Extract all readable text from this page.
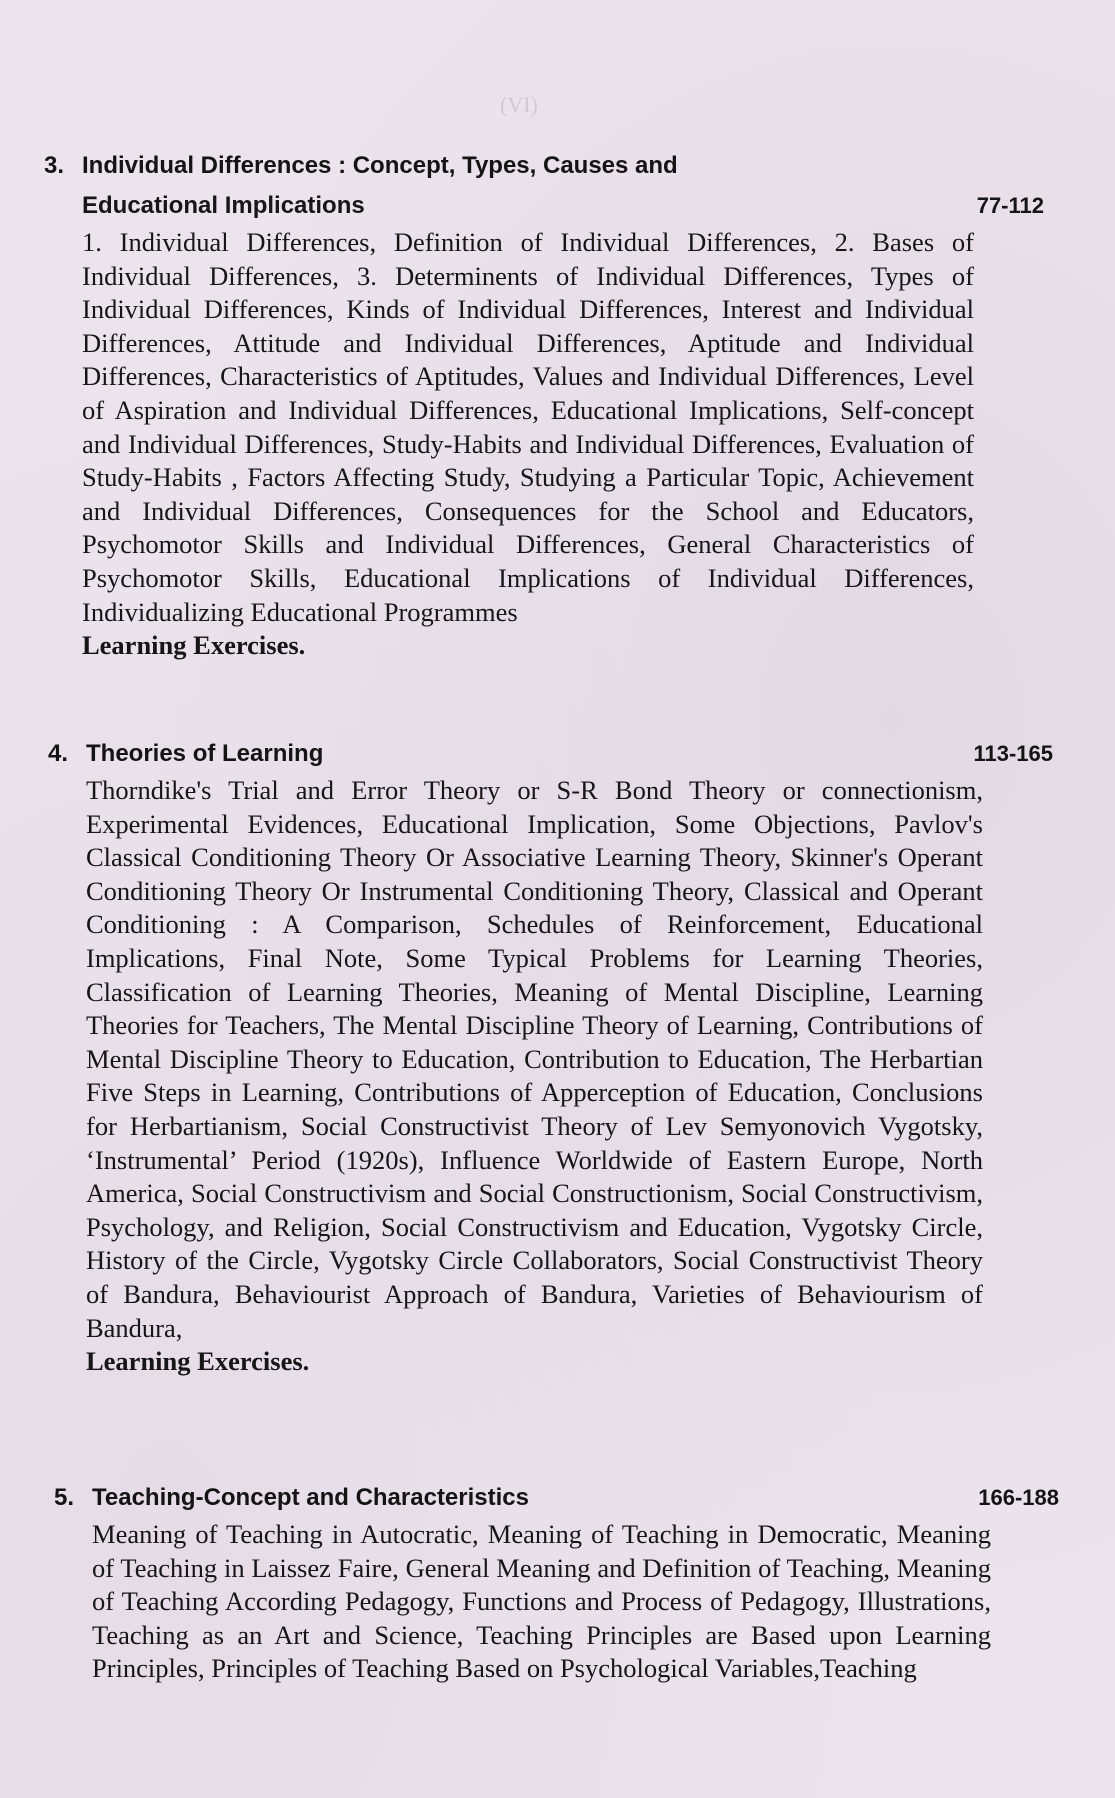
(VI)
3. Individual Differences : Concept, Types, Causes and
Educational Implications	77-112
1. Individual Differences, Definition of Individual Differences, 2. Bases of Individual Differences, 3. Determinents of Individual Differences, Types of Individual Differences, Kinds of Individual Differences, Interest and Individual Differences, Attitude and Individual Differences, Aptitude and Individual Differences, Characteristics of Aptitudes, Values and Individual Differences, Level of Aspiration and Individual Differences, Educational Implications, Self-concept and Individual Differences, Study-Habits and Individual Differences, Evaluation of Study-Habits , Factors Affecting Study, Studying a Particular Topic, Achievement and Individual Differences, Consequences for the School and Educators, Psychomotor Skills and Individual Differences, General Characteristics of Psychomotor Skills, Educational Implications of Individual Differences, Individualizing Educational Programmes
Learning Exercises.
4. Theories of Learning	113-165
Thorndike's Trial and Error Theory or S-R Bond Theory or connectionism, Experimental Evidences, Educational Implication, Some Objections, Pavlov's Classical Conditioning Theory Or Associative Learning Theory, Skinner's Operant Conditioning Theory Or Instrumental Conditioning Theory, Classical and Operant Conditioning : A Comparison, Schedules of Reinforcement, Educational Implications, Final Note, Some Typical Problems for Learning Theories, Classification of Learning Theories, Meaning of Mental Discipline, Learning Theories for Teachers, The Mental Discipline Theory of Learning, Contributions of Mental Discipline Theory to Education, Contribution to Education, The Herbartian Five Steps in Learning, Contributions of Apperception of Education, Conclusions for Herbartianism, Social Constructivist Theory of Lev Semyonovich Vygotsky, ‘Instrumental’ Period (1920s), Influence Worldwide of Eastern Europe, North America, Social Constructivism and Social Constructionism, Social Constructivism, Psychology, and Religion, Social Constructivism and Education, Vygotsky Circle, History of the Circle, Vygotsky Circle Collaborators, Social Constructivist Theory of Bandura, Behaviourist Approach of Bandura, Varieties of Behaviourism of Bandura,
Learning Exercises.
5. Teaching-Concept and Characteristics	166-188
Meaning of Teaching in Autocratic, Meaning of Teaching in Democratic, Meaning of Teaching in Laissez Faire, General Meaning and Definition of Teaching, Meaning of Teaching According Pedagogy, Functions and Process of Pedagogy, Illustrations, Teaching as an Art and Science, Teaching Principles are Based upon Learning Principles, Principles of Teaching Based on Psychological Variables,Teaching
